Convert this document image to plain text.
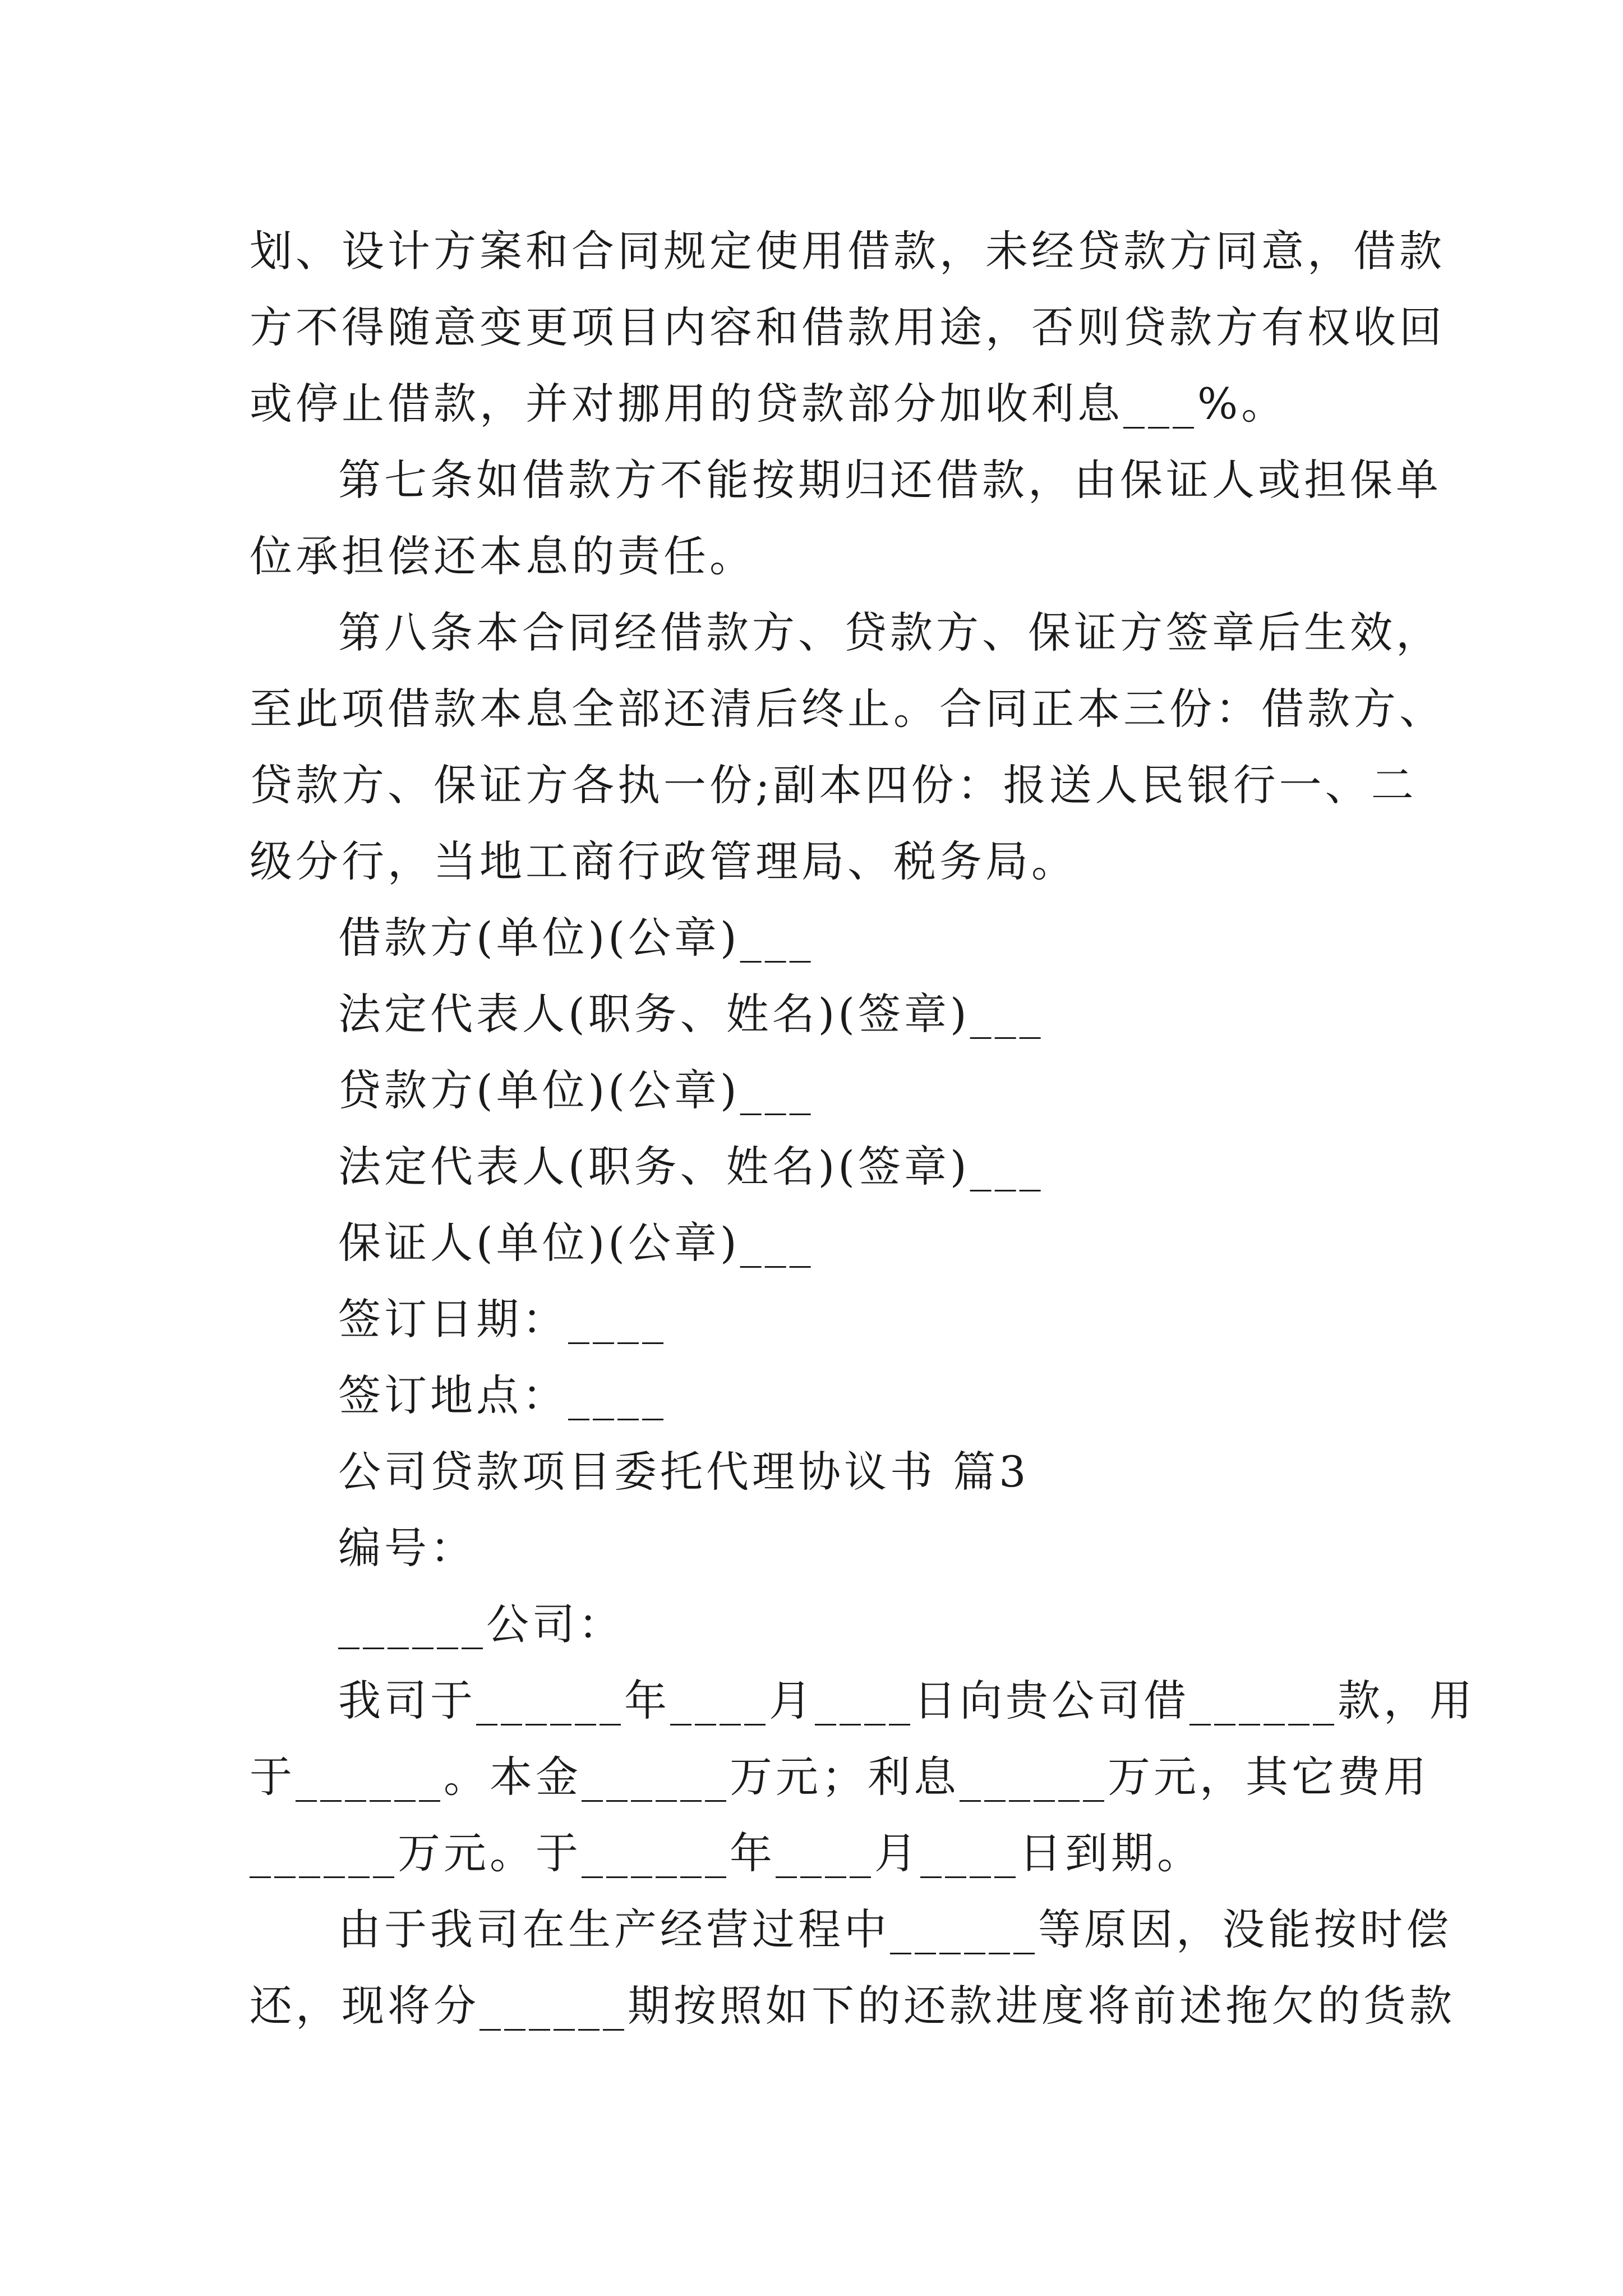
划、设计方案和合同规定使用借款，未经贷款方同意，借款

方不得随意变更项目内容和借款用途，否则贷款方有权收回

或停止借款，并对挪用的贷款部分加收利息___%。

第七条如借款方不能按期归还借款，由保证人或担保单

位承担偿还本息的责任。

第八条本合同经借款方、贷款方、保证方签章后生效，

至此项借款本息全部还清后终止。合同正本三份：借款方、

贷款方、保证方各执一份;副本四份：报送人民银行一、二

级分行，当地工商行政管理局、税务局。

借款方(单位)(公章)___

法定代表人(职务、姓名)(签章)___

贷款方(单位)(公章)___

法定代表人(职务、姓名)(签章)___

保证人(单位)(公章)___

签订日期：____

签订地点：____

公司贷款项目委托代理协议书 篇3

编号：

______公司：

我司于______年____月____日向贵公司借______款，用

于______。本金______万元；利息______万元，其它费用

______万元。于______年____月____日到期。

由于我司在生产经营过程中______等原因，没能按时偿

还，现将分______期按照如下的还款进度将前述拖欠的货款
